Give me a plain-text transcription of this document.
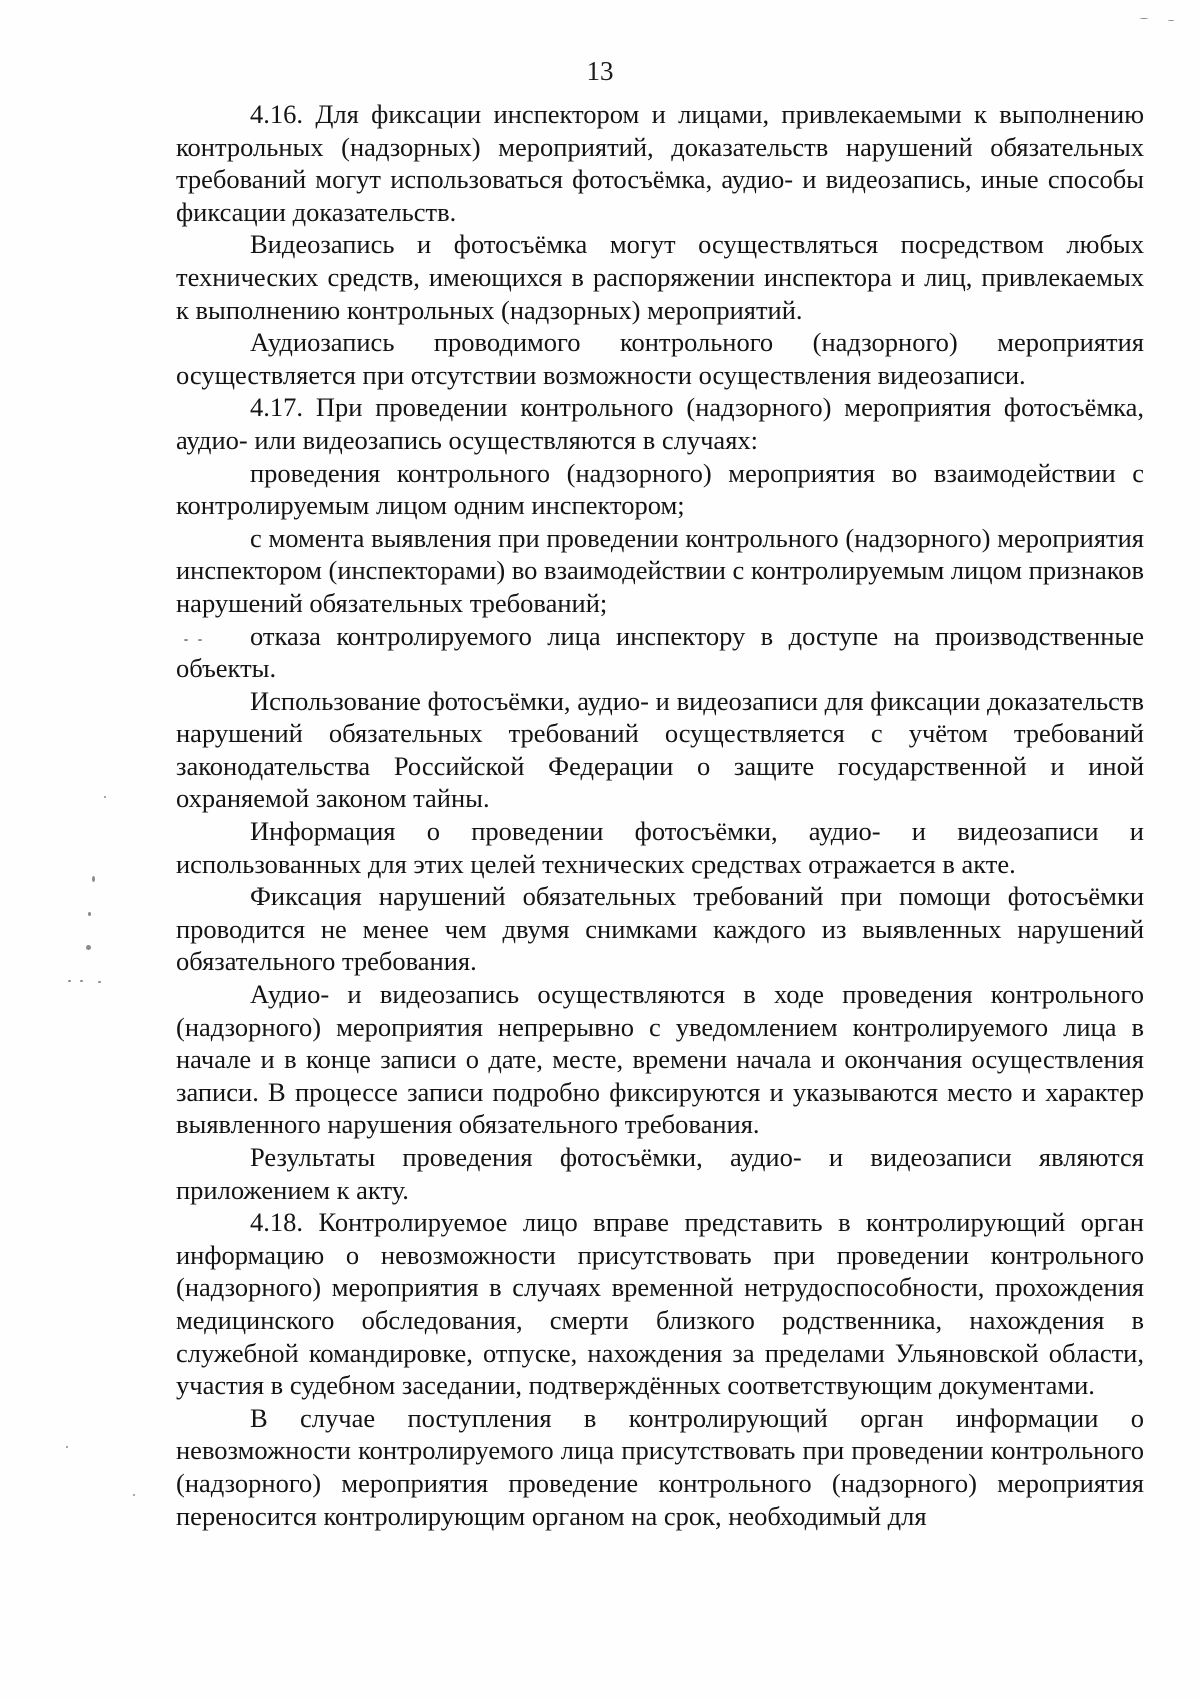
13

4.16. Для фиксации инспектором и лицами, привлекаемыми к выполнению контрольных (надзорных) мероприятий, доказательств нарушений обязательных требований могут использоваться фотосъёмка, аудио- и видеозапись, иные способы фиксации доказательств.

Видеозапись и фотосъёмка могут осуществляться посредством любых технических средств, имеющихся в распоряжении инспектора и лиц, привлекаемых к выполнению контрольных (надзорных) мероприятий.

Аудиозапись проводимого контрольного (надзорного) мероприятия осуществляется при отсутствии возможности осуществления видеозаписи.

4.17. При проведении контрольного (надзорного) мероприятия фотосъёмка, аудио- или видеозапись осуществляются в случаях:

проведения контрольного (надзорного) мероприятия во взаимодействии с контролируемым лицом одним инспектором;

с момента выявления при проведении контрольного (надзорного) мероприятия инспектором (инспекторами) во взаимодействии с контролируемым лицом признаков нарушений обязательных требований;

отказа контролируемого лица инспектору в доступе на производственные объекты.

Использование фотосъёмки, аудио- и видеозаписи для фиксации доказательств нарушений обязательных требований осуществляется с учётом требований законодательства Российской Федерации о защите государственной и иной охраняемой законом тайны.

Информация о проведении фотосъёмки, аудио- и видеозаписи и использованных для этих целей технических средствах отражается в акте.

Фиксация нарушений обязательных требований при помощи фотосъёмки проводится не менее чем двумя снимками каждого из выявленных нарушений обязательного требования.

Аудио- и видеозапись осуществляются в ходе проведения контрольного (надзорного) мероприятия непрерывно с уведомлением контролируемого лица в начале и в конце записи о дате, месте, времени начала и окончания осуществления записи. В процессе записи подробно фиксируются и указываются место и характер выявленного нарушения обязательного требования.

Результаты проведения фотосъёмки, аудио- и видеозаписи являются приложением к акту.

4.18. Контролируемое лицо вправе представить в контролирующий орган информацию о невозможности присутствовать при проведении контрольного (надзорного) мероприятия в случаях временной нетрудоспособности, прохождения медицинского обследования, смерти близкого родственника, нахождения в служебной командировке, отпуске, нахождения за пределами Ульяновской области, участия в судебном заседании, подтверждённых соответствующим документами.

В случае поступления в контролирующий орган информации о невозможности контролируемого лица присутствовать при проведении контрольного (надзорного) мероприятия проведение контрольного (надзорного) мероприятия переносится контролирующим органом на срок, необходимый для
